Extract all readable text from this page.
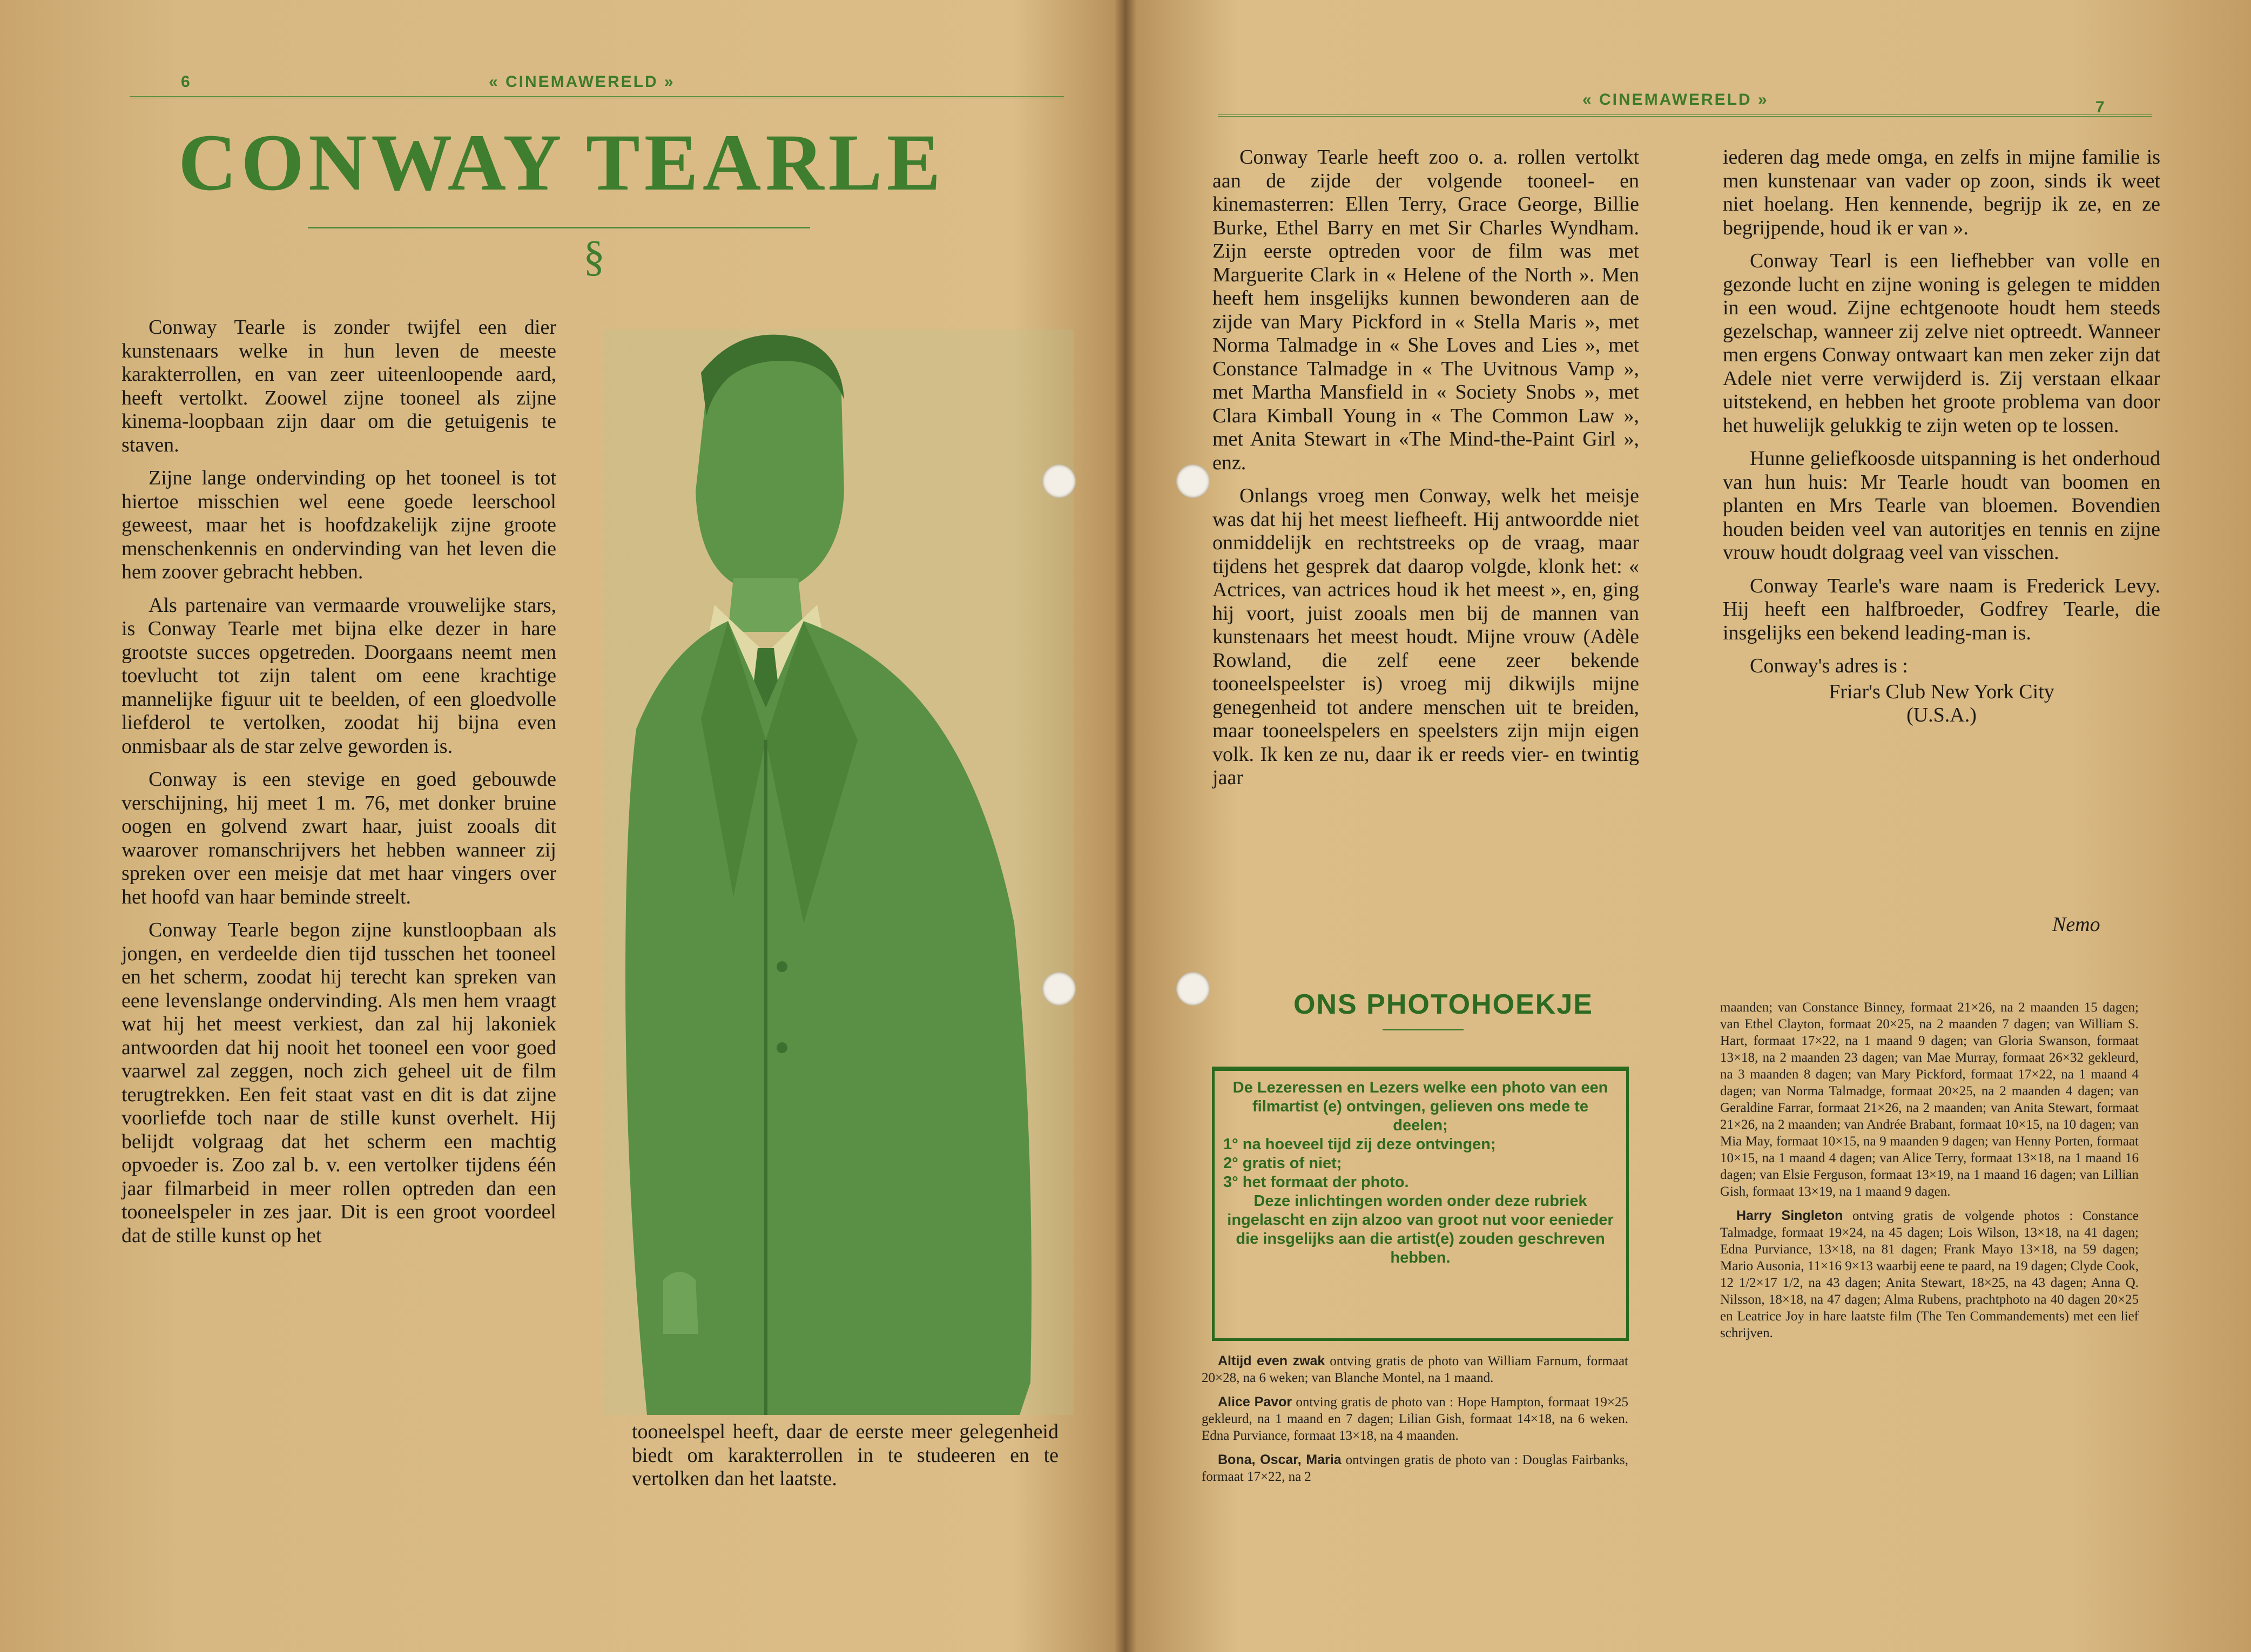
6	« CINEMAWERELD »
CONWAY TEARLE
§

Conway Tearle is zonder twijfel een dier kunstenaars welke in hun leven de meeste karakterrollen, en van zeer uiteenloopende aard, heeft vertolkt. Zoowel zijne tooneel als zijne kinema-loopbaan zijn daar om die getuigenis te staven.

Zijne lange ondervinding op het tooneel is tot hiertoe misschien wel eene goede leerschool geweest, maar het is hoofdzakelijk zijne groote menschenkennis en ondervinding van het leven die hem zoover gebracht hebben.

Als partenaire van vermaarde vrouwelijke stars, is Conway Tearle met bijna elke dezer in hare grootste succes opgetreden. Doorgaans neemt men toevlucht tot zijn talent om eene krachtige mannelijke figuur uit te beelden, of een gloedvolle liefderol te vertolken, zoodat hij bijna even onmisbaar als de star zelve geworden is.

Conway is een stevige en goed gebouwde verschijning, hij meet 1 m. 76, met donker bruine oogen en golvend zwart haar, juist zooals dit waarover romanschrijvers het hebben wanneer zij spreken over een meisje dat met haar vingers over het hoofd van haar beminde streelt.

Conway Tearle begon zijne kunstloopbaan als jongen, en verdeelde dien tijd tusschen het tooneel en het scherm, zoodat hij terecht kan spreken van eene levenslange ondervinding. Als men hem vraagt wat hij het meest verkiest, dan zal hij lakoniek antwoorden dat hij nooit het tooneel een voor goed vaarwel zal zeggen, noch zich geheel uit de film terugtrekken. Een feit staat vast en dit is dat zijne voorliefde toch naar de stille kunst overhelt. Hij belijdt volgraag dat het scherm een machtig opvoeder is. Zoo zal b. v. een vertolker tijdens één jaar filmarbeid in meer rollen optreden dan een tooneelspeler in zes jaar. Dit is een groot voordeel dat de stille kunst op het

tooneelspel heeft, daar de eerste meer gelegenheid biedt om karakterrollen in te studeeren en te vertolken dan het laatste.

« CINEMAWERELD »	7

Conway Tearle heeft zoo o. a. rollen vertolkt aan de zijde der volgende tooneel- en kinemasterren: Ellen Terry, Grace George, Billie Burke, Ethel Barry en met Sir Charles Wyndham. Zijn eerste optreden voor de film was met Marguerite Clark in « Helene of the North ». Men heeft hem insgelijks kunnen bewonderen aan de zijde van Mary Pickford in « Stella Maris », met Norma Talmadge in « She Loves and Lies », met Constance Talmadge in « The Uvitnous Vamp », met Martha Mansfield in « Society Snobs », met Clara Kimball Young in « The Common Law », met Anita Stewart in «The Mind-the-Paint Girl », enz.

Onlangs vroeg men Conway, welk het meisje was dat hij het meest liefheeft. Hij antwoordde niet onmiddelijk en rechtstreeks op de vraag, maar tijdens het gesprek dat daarop volgde, klonk het: « Actrices, van actrices houd ik het meest », en, ging hij voort, juist zooals men bij de mannen van kunstenaars het meest houdt. Mijne vrouw (Adèle Rowland, die zelf eene zeer bekende tooneelspeelster is) vroeg mij dikwijls mijne genegenheid tot andere menschen uit te breiden, maar tooneelspelers en speelsters zijn mijn eigen volk. Ik ken ze nu, daar ik er reeds vier- en twintig jaar

iederen dag mede omga, en zelfs in mijne familie is men kunstenaar van vader op zoon, sinds ik weet niet hoelang. Hen kennende, begrijp ik ze, en ze begrijpende, houd ik er van ».

Conway Tearl is een liefhebber van volle en gezonde lucht en zijne woning is gelegen te midden in een woud. Zijne echtgenoote houdt hem steeds gezelschap, wanneer zij zelve niet optreedt. Wanneer men ergens Conway ontwaart kan men zeker zijn dat Adele niet verre verwijderd is. Zij verstaan elkaar uitstekend, en hebben het groote problema van door het huwelijk gelukkig te zijn weten op te lossen.

Hunne geliefkoosde uitspanning is het onderhoud van hun huis: Mr Tearle houdt van boomen en planten en Mrs Tearle van bloemen. Bovendien houden beiden veel van autoritjes en tennis en zijne vrouw houdt dolgraag veel van visschen.

Conway Tearle's ware naam is Frederick Levy. Hij heeft een halfbroeder, Godfrey Tearle, die insgelijks een bekend leading-man is.

Conway's adres is :

Friar's Club New York City
(U.S.A.)
Nemo
ONS PHOTOHOEKJE
De Lezeressen en Lezers welke een photo van een filmartist (e) ontvingen, gelieven ons mede te deelen;
1° na hoeveel tijd zij deze ontvingen;
2° gratis of niet;
3° het formaat der photo.
Deze inlichtingen worden onder deze rubriek ingelascht en zijn alzoo van groot nut voor eenieder die insgelijks aan die artist(e) zouden geschreven hebben.

Altijd even zwak ontving gratis de photo van William Farnum, formaat 20×28, na 6 weken; van Blanche Montel, na 1 maand.

Alice Pavor ontving gratis de photo van : Hope Hampton, formaat 19×25 gekleurd, na 1 maand en 7 dagen; Lilian Gish, formaat 14×18, na 6 weken. Edna Purviance, formaat 13×18, na 4 maanden.

Bona, Oscar, Maria ontvingen gratis de photo van : Douglas Fairbanks, formaat 17×22, na 2

maanden; van Constance Binney, formaat 21×26, na 2 maanden 15 dagen; van Ethel Clayton, formaat 20×25, na 2 maanden 7 dagen; van William S. Hart, formaat 17×22, na 1 maand 9 dagen; van Gloria Swanson, formaat 13×18, na 2 maanden 23 dagen; van Mae Murray, formaat 26×32 gekleurd, na 3 maanden 8 dagen; van Mary Pickford, formaat 17×22, na 1 maand 4 dagen; van Norma Talmadge, formaat 20×25, na 2 maanden 4 dagen; van Geraldine Farrar, formaat 21×26, na 2 maanden; van Anita Stewart, formaat 21×26, na 2 maanden; van Andrée Brabant, formaat 10×15, na 10 dagen; van Mia May, formaat 10×15, na 9 maanden 9 dagen; van Henny Porten, formaat 10×15, na 1 maand 4 dagen; van Alice Terry, formaat 13×18, na 1 maand 16 dagen; van Elsie Ferguson, formaat 13×19, na 1 maand 16 dagen; van Lillian Gish, formaat 13×19, na 1 maand 9 dagen.

Harry Singleton ontving gratis de volgende photos : Constance Talmadge, formaat 19×24, na 45 dagen; Lois Wilson, 13×18, na 41 dagen; Edna Purviance, 13×18, na 81 dagen; Frank Mayo 13×18, na 59 dagen; Mario Ausonia, 11×16 9×13 waarbij eene te paard, na 19 dagen; Clyde Cook, 12 1/2×17 1/2, na 43 dagen; Anita Stewart, 18×25, na 43 dagen; Anna Q. Nilsson, 18×18, na 47 dagen; Alma Rubens, prachtphoto na 40 dagen 20×25 en Leatrice Joy in hare laatste film (The Ten Commandements) met een lief schrijven.
